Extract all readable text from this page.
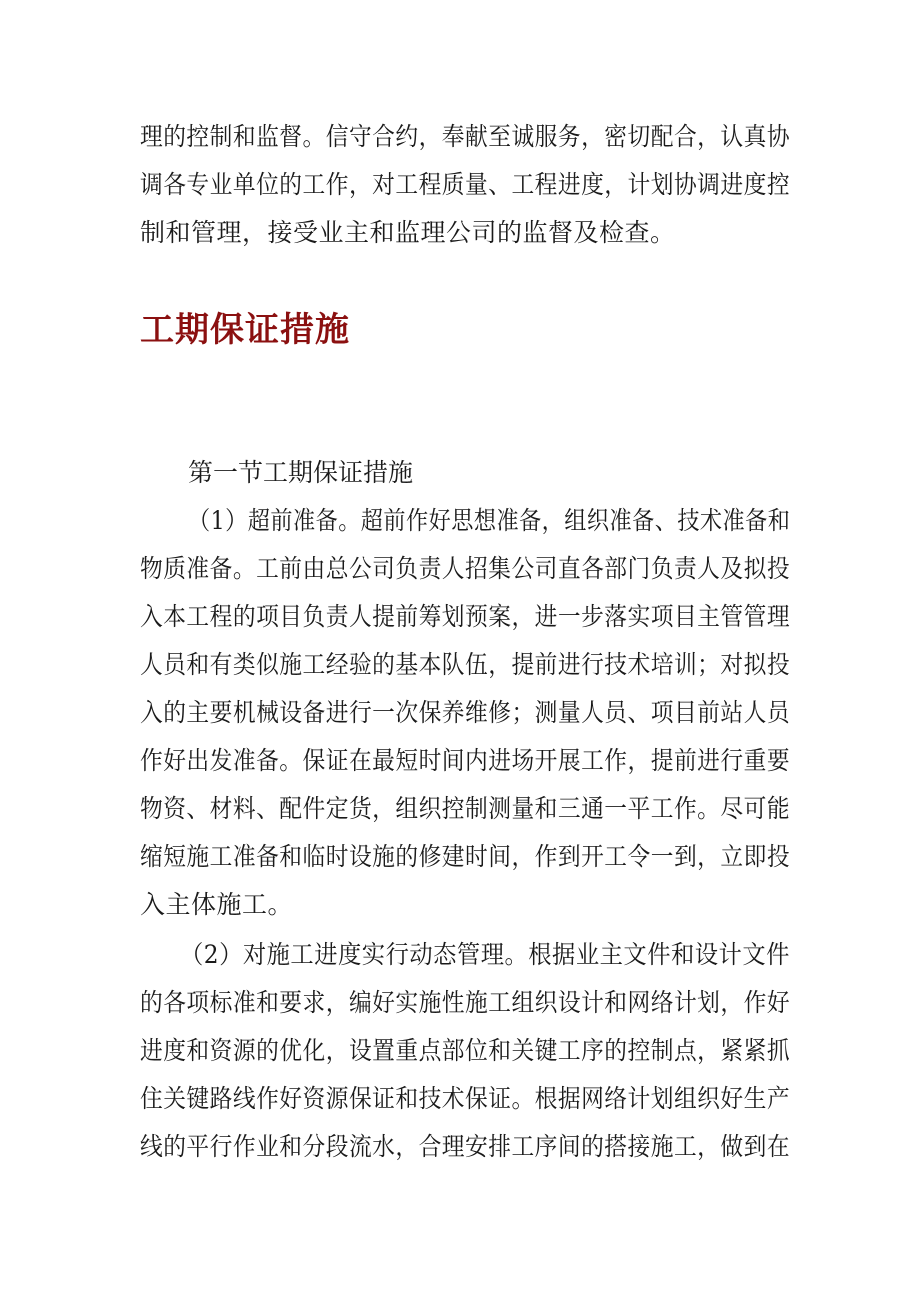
理的控制和监督。信守合约，奉献至诚服务，密切配合，认真协
调各专业单位的工作，对工程质量、工程进度，计划协调进度控
制和管理，接受业主和监理公司的监督及检查。
工期保证措施
第一节工期保证措施
（1）超前准备。超前作好思想准备，组织准备、技术准备和
物质准备。工前由总公司负责人招集公司直各部门负责人及拟投
入本工程的项目负责人提前筹划预案，进一步落实项目主管管理
人员和有类似施工经验的基本队伍，提前进行技术培训；对拟投
入的主要机械设备进行一次保养维修；测量人员、项目前站人员
作好出发准备。保证在最短时间内进场开展工作，提前进行重要
物资、材料、配件定货，组织控制测量和三通一平工作。尽可能
缩短施工准备和临时设施的修建时间，作到开工令一到，立即投
入主体施工。
（2）对施工进度实行动态管理。根据业主文件和设计文件
的各项标准和要求，编好实施性施工组织设计和网络计划，作好
进度和资源的优化，设置重点部位和关键工序的控制点，紧紧抓
住关键路线作好资源保证和技术保证。根据网络计划组织好生产
线的平行作业和分段流水，合理安排工序间的搭接施工，做到在
